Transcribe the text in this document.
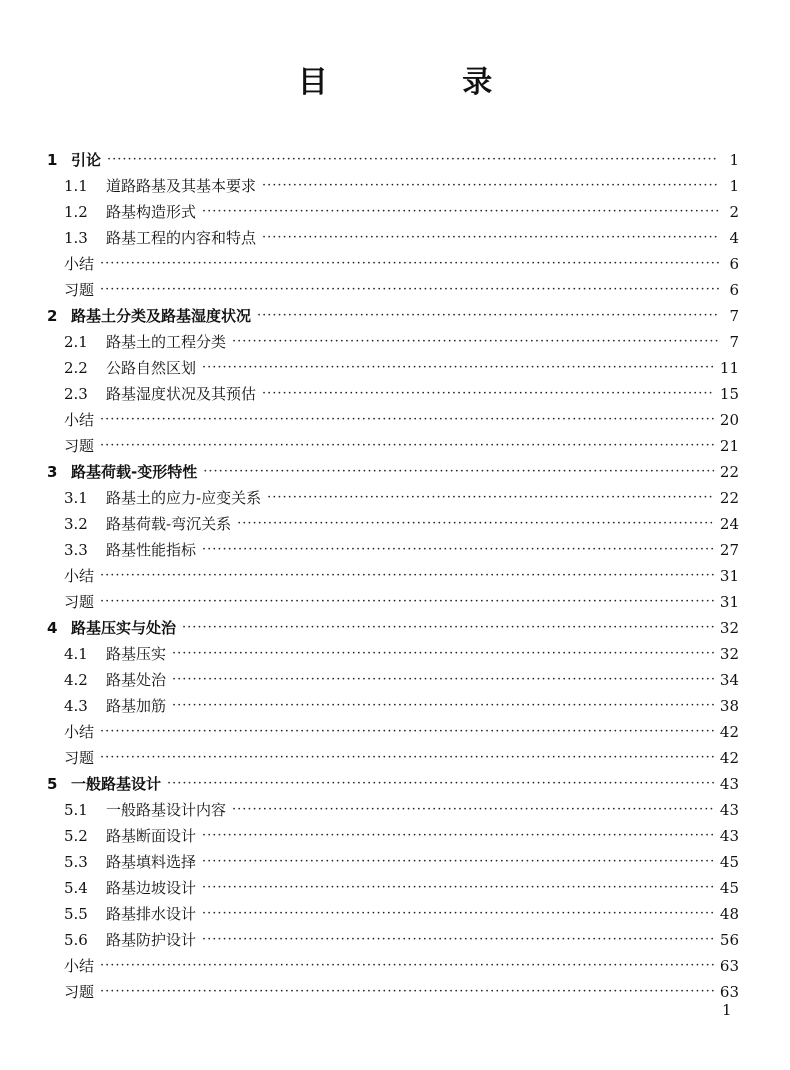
目 录
1 引论 ·····	1
1.1	道路路基及其基本要求 ·····	1
1.2	路基构造形式 ·····	2
1.3	路基工程的内容和特点 ·····	4
小结 ·····	6
习题 ·····	6
2 路基土分类及路基湿度状况 ·····	7
2.1	路基土的工程分类 ·····	7
2.2	公路自然区划 ·····	11
2.3	路基湿度状况及其预估 ·····	15
小结 ·····	20
习题 ·····	21
3 路基荷载-变形特性 ·····	22
3.1	路基土的应力-应变关系 ·····	22
3.2	路基荷载-弯沉关系 ·····	24
3.3	路基性能指标 ·····	27
小结 ·····	31
习题 ·····	31
4 路基压实与处治 ·····	32
4.1	路基压实 ·····	32
4.2	路基处治 ·····	34
4.3	路基加筋 ·····	38
小结 ·····	42
习题 ·····	42
5 一般路基设计 ·····	43
5.1	一般路基设计内容 ·····	43
5.2	路基断面设计 ·····	43
5.3	路基填料选择 ·····	45
5.4	路基边坡设计 ·····	45
5.5	路基排水设计 ·····	48
5.6	路基防护设计 ·····	56
小结 ·····	63
习题 ·····	63
1
